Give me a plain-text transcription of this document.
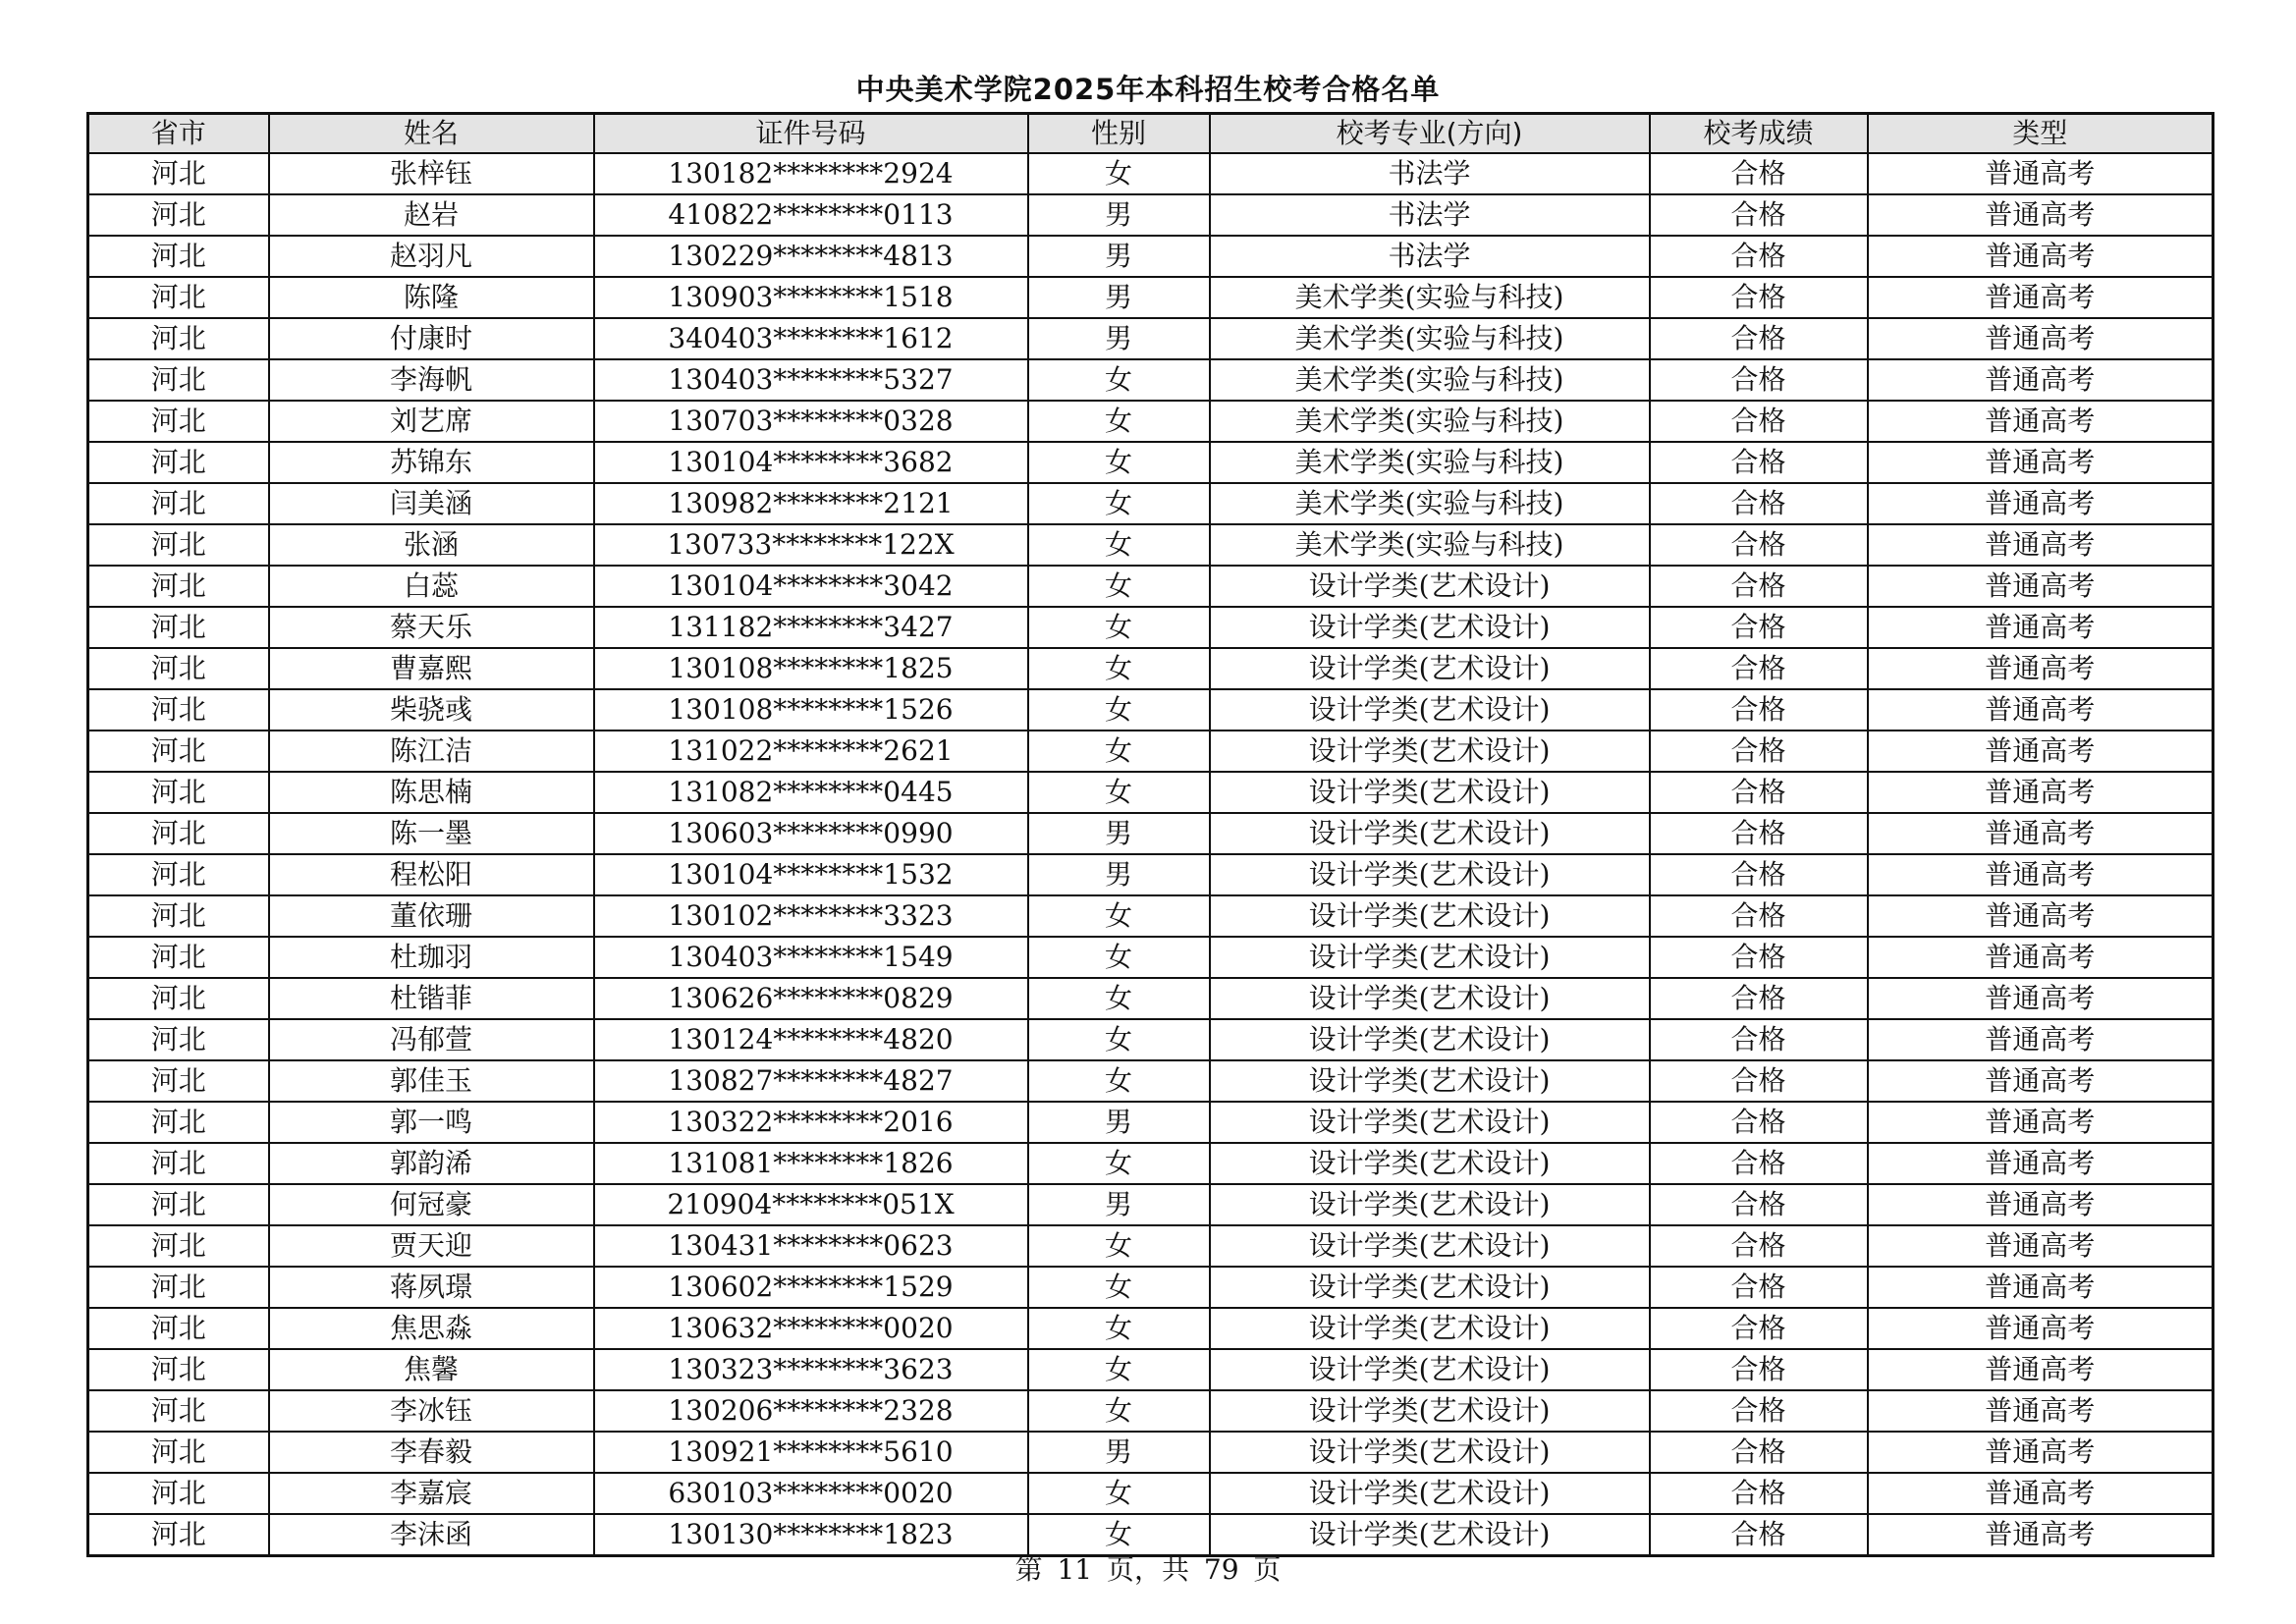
中央美术学院2025年本科招生校考合格名单
省市	姓名	证件号码	性别	校考专业(方向)	校考成绩	类型
河北	张梓钰	130182********2924	女	书法学	合格	普通高考
河北	赵岩	410822********0113	男	书法学	合格	普通高考
河北	赵羽凡	130229********4813	男	书法学	合格	普通高考
河北	陈隆	130903********1518	男	美术学类(实验与科技)	合格	普通高考
河北	付康时	340403********1612	男	美术学类(实验与科技)	合格	普通高考
河北	李海帆	130403********5327	女	美术学类(实验与科技)	合格	普通高考
河北	刘艺席	130703********0328	女	美术学类(实验与科技)	合格	普通高考
河北	苏锦东	130104********3682	女	美术学类(实验与科技)	合格	普通高考
河北	闫美涵	130982********2121	女	美术学类(实验与科技)	合格	普通高考
河北	张涵	130733********122X	女	美术学类(实验与科技)	合格	普通高考
河北	白蕊	130104********3042	女	设计学类(艺术设计)	合格	普通高考
河北	蔡天乐	131182********3427	女	设计学类(艺术设计)	合格	普通高考
河北	曹嘉熙	130108********1825	女	设计学类(艺术设计)	合格	普通高考
河北	柴骁彧	130108********1526	女	设计学类(艺术设计)	合格	普通高考
河北	陈江洁	131022********2621	女	设计学类(艺术设计)	合格	普通高考
河北	陈思楠	131082********0445	女	设计学类(艺术设计)	合格	普通高考
河北	陈一墨	130603********0990	男	设计学类(艺术设计)	合格	普通高考
河北	程松阳	130104********1532	男	设计学类(艺术设计)	合格	普通高考
河北	董依珊	130102********3323	女	设计学类(艺术设计)	合格	普通高考
河北	杜珈羽	130403********1549	女	设计学类(艺术设计)	合格	普通高考
河北	杜锴菲	130626********0829	女	设计学类(艺术设计)	合格	普通高考
河北	冯郁萱	130124********4820	女	设计学类(艺术设计)	合格	普通高考
河北	郭佳玉	130827********4827	女	设计学类(艺术设计)	合格	普通高考
河北	郭一鸣	130322********2016	男	设计学类(艺术设计)	合格	普通高考
河北	郭韵浠	131081********1826	女	设计学类(艺术设计)	合格	普通高考
河北	何冠豪	210904********051X	男	设计学类(艺术设计)	合格	普通高考
河北	贾天迎	130431********0623	女	设计学类(艺术设计)	合格	普通高考
河北	蒋夙璟	130602********1529	女	设计学类(艺术设计)	合格	普通高考
河北	焦思淼	130632********0020	女	设计学类(艺术设计)	合格	普通高考
河北	焦馨	130323********3623	女	设计学类(艺术设计)	合格	普通高考
河北	李冰钰	130206********2328	女	设计学类(艺术设计)	合格	普通高考
河北	李春毅	130921********5610	男	设计学类(艺术设计)	合格	普通高考
河北	李嘉宸	630103********0020	女	设计学类(艺术设计)	合格	普通高考
河北	李沫函	130130********1823	女	设计学类(艺术设计)	合格	普通高考
第 11 页，共 79 页
